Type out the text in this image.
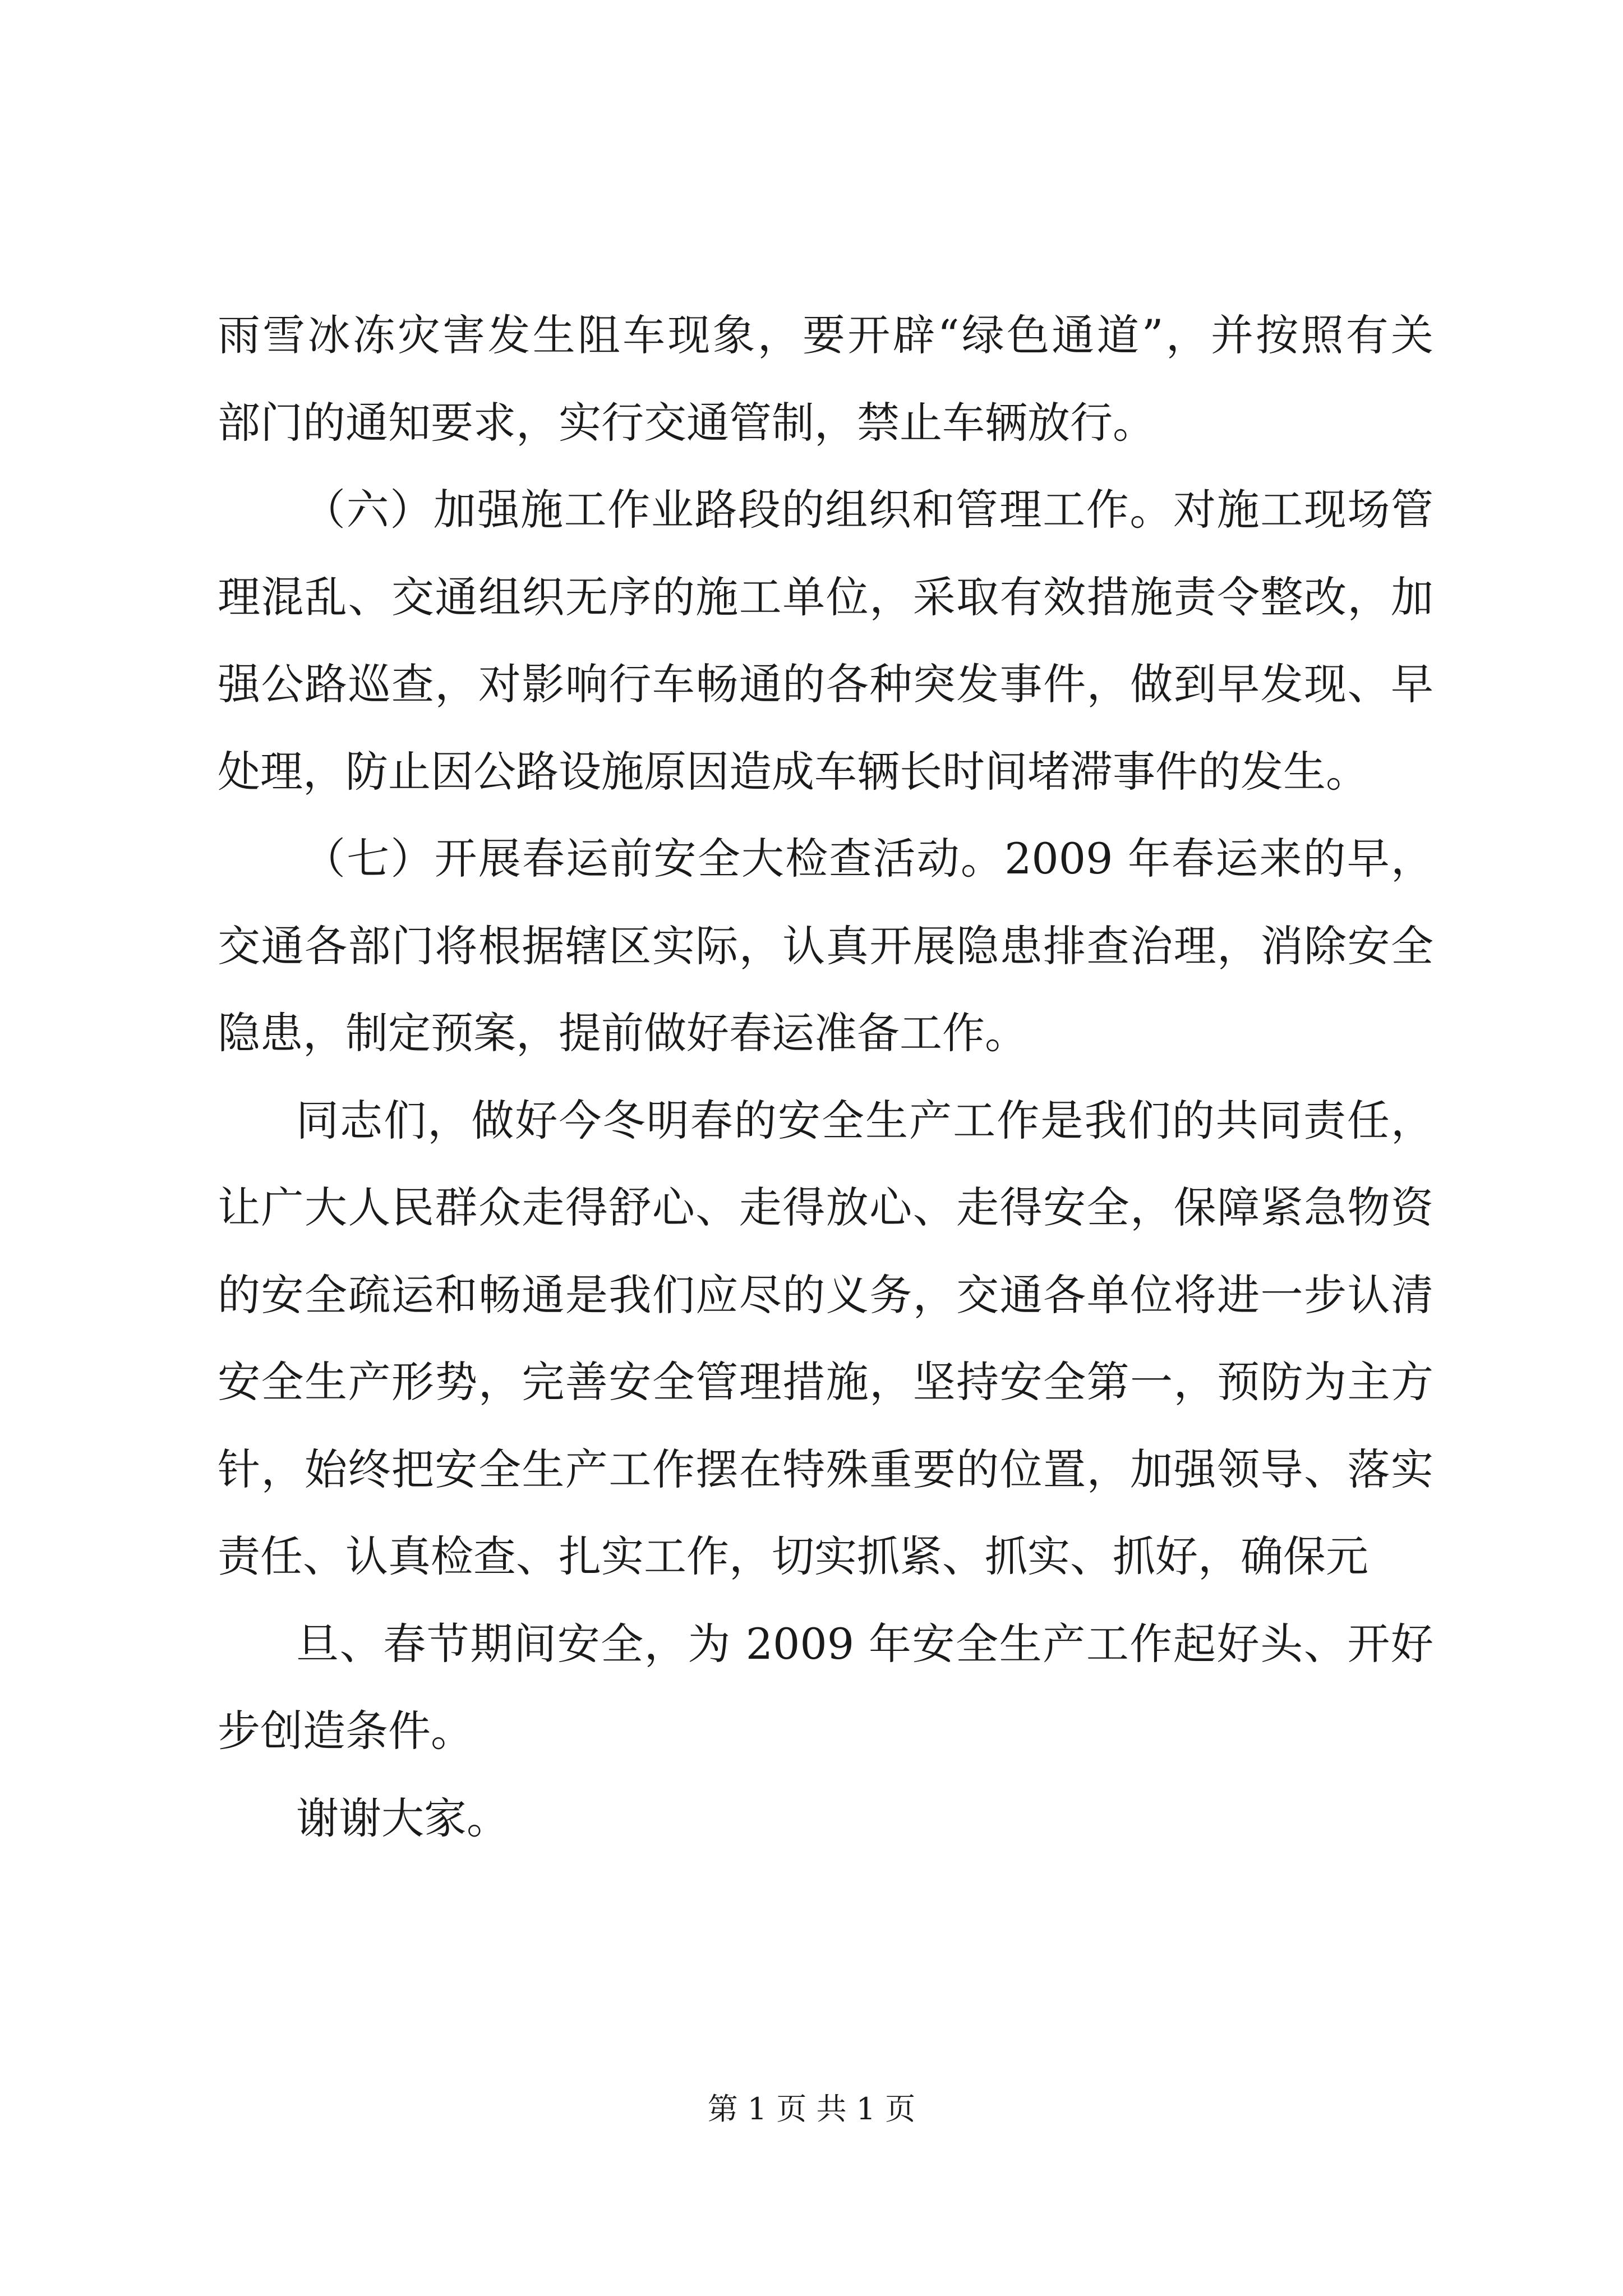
雨雪冰冻灾害发生阻车现象，要开辟“绿色通道”，并按照有关
部门的通知要求，实行交通管制，禁止车辆放行。
（六）加强施工作业路段的组织和管理工作。对施工现场管
理混乱、交通组织无序的施工单位，采取有效措施责令整改，加
强公路巡查，对影响行车畅通的各种突发事件，做到早发现、早
处理，防止因公路设施原因造成车辆长时间堵滞事件的发生。
（七）开展春运前安全大检查活动。2009 年春运来的早，
交通各部门将根据辖区实际，认真开展隐患排查治理，消除安全
隐患，制定预案，提前做好春运准备工作。
同志们，做好今冬明春的安全生产工作是我们的共同责任，
让广大人民群众走得舒心、走得放心、走得安全，保障紧急物资
的安全疏运和畅通是我们应尽的义务，交通各单位将进一步认清
安全生产形势，完善安全管理措施，坚持安全第一，预防为主方
针，始终把安全生产工作摆在特殊重要的位置，加强领导、落实
责任、认真检查、扎实工作，切实抓紧、抓实、抓好，确保元
旦、春节期间安全，为 2009 年安全生产工作起好头、开好
步创造条件。
谢谢大家。
第 1 页 共 1 页
